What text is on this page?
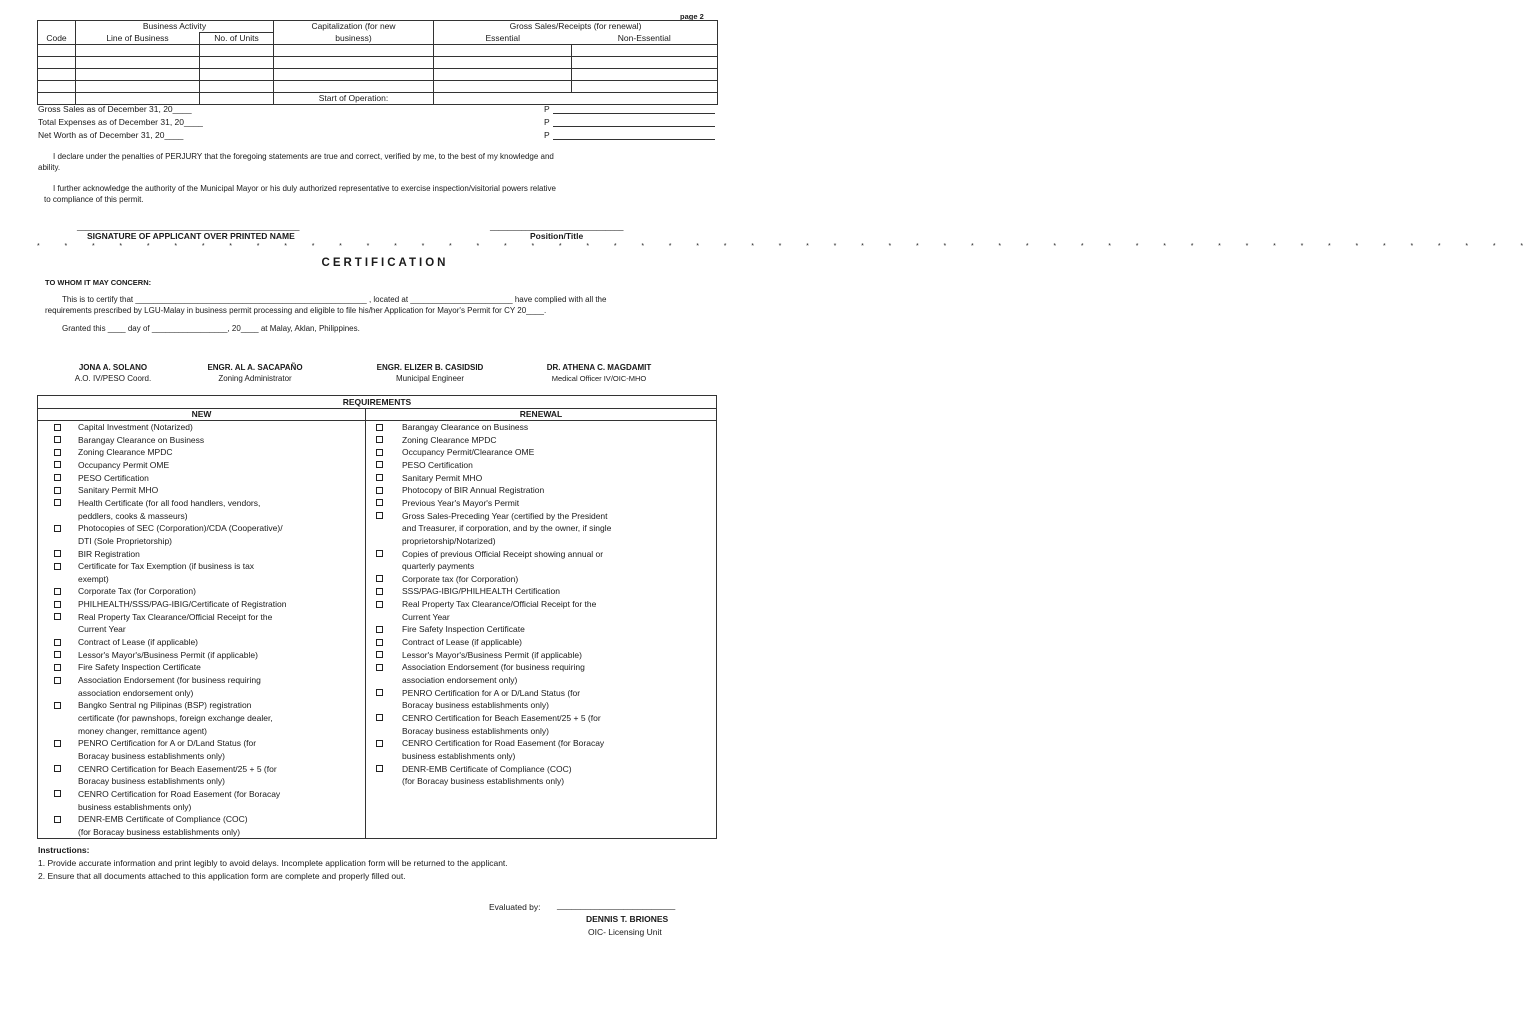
page 2
	Business Activity		Capitalization (for new	Gross Sales/Receipts (for renewal)	
Code	Line of Business	No. of Units	business)	Essential	Non-Essential

			Start of Operation:		
Gross Sales as of December 31, 20____
Total Expenses as of December 31, 20____
Net Worth as of December 31, 20____
P
P
P
I declare under the penalties of PERJURY that the foregoing statements are true and correct, verified by me, to the best of my knowledge and
ability.
I further acknowledge the authority of the Municipal Mayor or his duly authorized representative to exercise inspection/visitorial powers relative
to compliance of this permit.
__________________________________________________
SIGNATURE OF APPLICANT OVER PRINTED NAME
______________________________
Position/Title
* * * * * * * * * * * * * * * * * * * * * * * * * * * * * * * * * * * * * * * * * * * * * * * * * * * * * * *
CERTIFICATION
TO WHOM IT MAY CONCERN:
This is to certify that ____________________________________________________ , located at _______________________ have complied with all the
requirements prescribed by LGU-Malay in business permit processing and eligible to file his/her Application for Mayor's Permit for CY 20____.
Granted this ____ day of _________________, 20____ at Malay, Aklan, Philippines.
JONA A. SOLANO
A.O. IV/PESO Coord.
ENGR. AL A. SACAPAÑO
Zoning Administrator
ENGR. ELIZER B. CASIDSID
Municipal Engineer
DR. ATHENA C. MAGDAMIT
Medical Officer IV/OIC-MHO
REQUIREMENTS
NEW	RENEWAL
Capital Investment (Notarized)
Barangay Clearance on Business
Zoning Clearance MPDC
Occupancy Permit OME
PESO Certification
Sanitary Permit MHO
Health Certificate (for all food handlers, vendors,
peddlers, cooks & masseurs)
Photocopies of SEC (Corporation)/CDA (Cooperative)/
DTI (Sole Proprietorship)
BIR Registration
Certificate for Tax Exemption (if business is tax
exempt)
Corporate Tax (for Corporation)
PHILHEALTH/SSS/PAG-IBIG/Certificate of Registration
Real Property Tax Clearance/Official Receipt for the
Current Year
Contract of Lease (if applicable)
Lessor's Mayor's/Business Permit (if applicable)
Fire Safety Inspection Certificate
Association Endorsement (for business requiring
association endorsement only)
Bangko Sentral ng Pilipinas (BSP) registration
certificate (for pawnshops, foreign exchange dealer,
money changer, remittance agent)
PENRO Certification for A or D/Land Status (for
Boracay business establishments only)
CENRO Certification for Beach Easement/25 + 5 (for
Boracay business establishments only)
CENRO Certification for Road Easement (for Boracay
business establishments only)
DENR-EMB Certificate of Compliance (COC)
(for Boracay business establishments only)
Barangay Clearance on Business
Zoning Clearance MPDC
Occupancy Permit/Clearance OME
PESO Certification
Sanitary Permit MHO
Photocopy of BIR Annual Registration
Previous Year's Mayor's Permit
Gross Sales-Preceding Year (certified by the President
and Treasurer, if corporation, and by the owner, if single
proprietorship/Notarized)
Copies of previous Official Receipt showing annual or
quarterly payments
Corporate tax (for Corporation)
SSS/PAG-IBIG/PHILHEALTH Certification
Real Property Tax Clearance/Official Receipt for the
Current Year
Fire Safety Inspection Certificate
Contract of Lease (if applicable)
Lessor's Mayor's/Business Permit (if applicable)
Association Endorsement (for business requiring
association endorsement only)
PENRO Certification for A or D/Land Status (for
Boracay business establishments only)
CENRO Certification for Beach Easement/25 + 5 (for
Boracay business establishments only)
CENRO Certification for Road Easement (for Boracay
business establishments only)
DENR-EMB Certificate of Compliance (COC)
(for Boracay business establishments only)
Instructions:
1. Provide accurate information and print legibly to avoid delays. Incomplete application form will be returned to the applicant.
2. Ensure that all documents attached to this application form are complete and properly filled out.
Evaluated by: _________________________
DENNIS T. BRIONES
OIC- Licensing Unit
